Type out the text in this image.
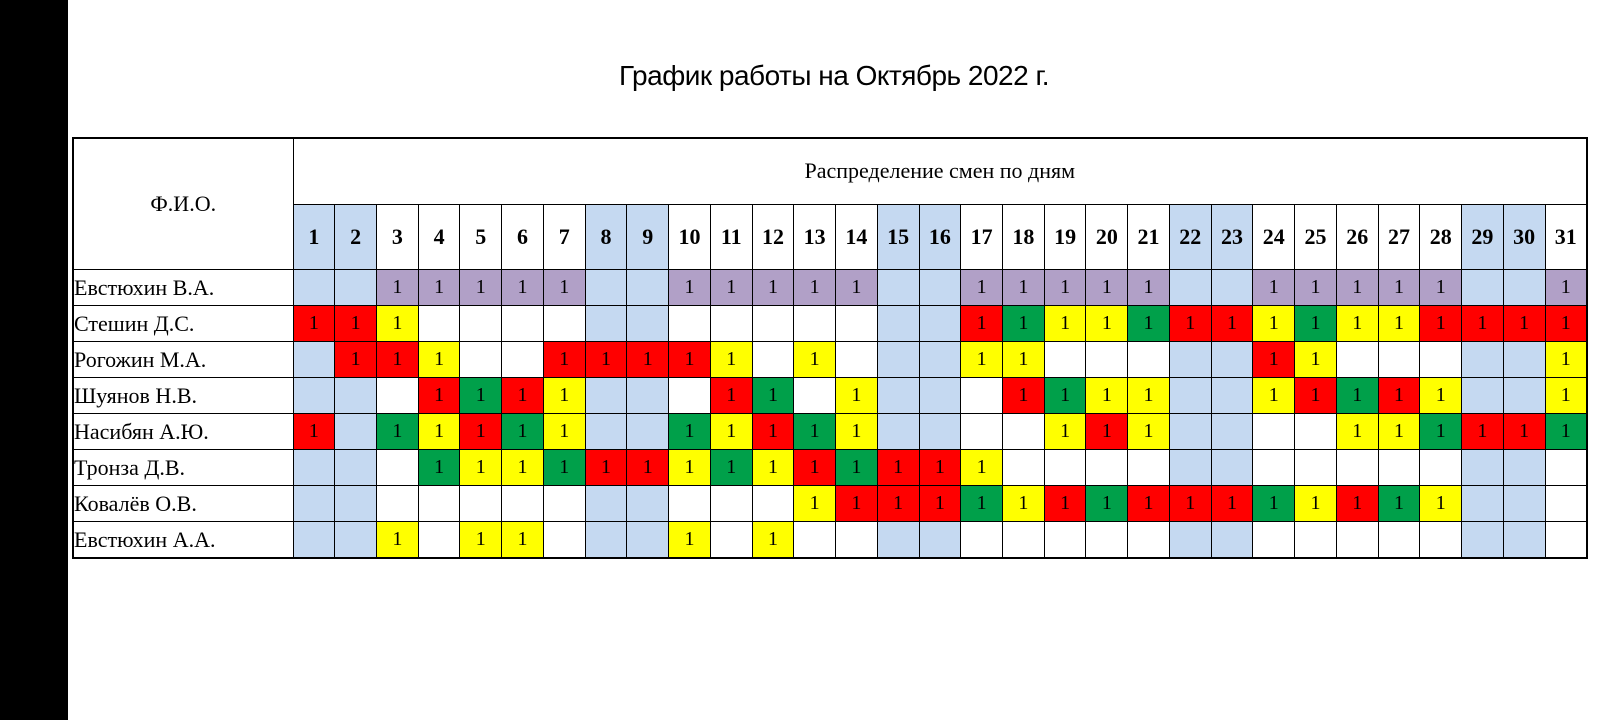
График работы на Октябрь 2022 г.
Ф.И.О.	Распределение смен по дням																														
	1	2	3	4	5	6	7	8	9	10	11	12	13	14	15	16	17	18	19	20	21	22	23	24	25	26	27	28	29	30	31
Евстюхин В.А.			1	1	1	1	1			1	1	1	1	1			1	1	1	1	1			1	1	1	1	1			1
Стешин Д.С.	1	1	1														1	1	1	1	1	1	1	1	1	1	1	1	1	1	1
Рогожин М.А.		1	1	1			1	1	1	1	1		1				1	1						1	1						1
Шуянов Н.В.				1	1	1	1				1	1		1				1	1	1	1			1	1	1	1	1			1
Насибян А.Ю.	1		1	1	1	1	1			1	1	1	1	1					1	1	1					1	1	1	1	1	1
Тронза Д.В.				1	1	1	1	1	1	1	1	1	1	1	1	1	1														
Ковалёв О.В.													1	1	1	1	1	1	1	1	1	1	1	1	1	1	1	1			
Евстюхин А.А.			1		1	1				1		1																			
